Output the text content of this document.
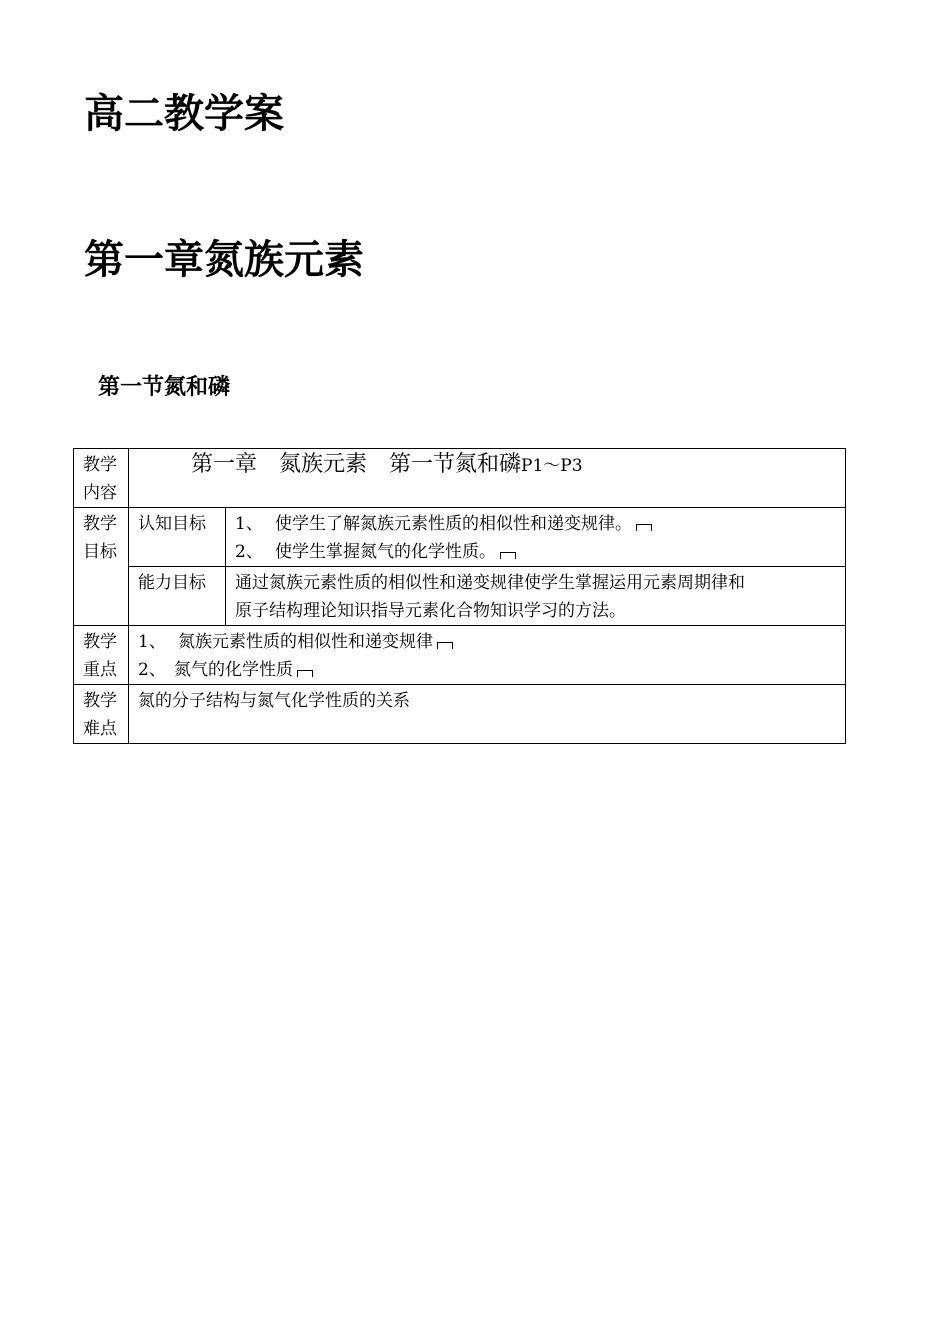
高二教学案
第一章氮族元素
第一节氮和磷
教学
内容	第一章　氮族元素　第一节氮和磷P1～P3	

教学
目标	认知目标	1、 使学生了解氮族元素性质的相似性和递变规律。
2、 使学生掌握氮气的化学性质。

	能力目标	通过氮族元素性质的相似性和递变规律使学生掌握运用元素周期律和
原子结构理论知识指导元素化合物知识学习的方法。

教学
重点	1、 氮族元素性质的相似性和递变规律
2、 氮气的化学性质	

教学
难点	氮的分子结构与氮气化学性质的关系	
